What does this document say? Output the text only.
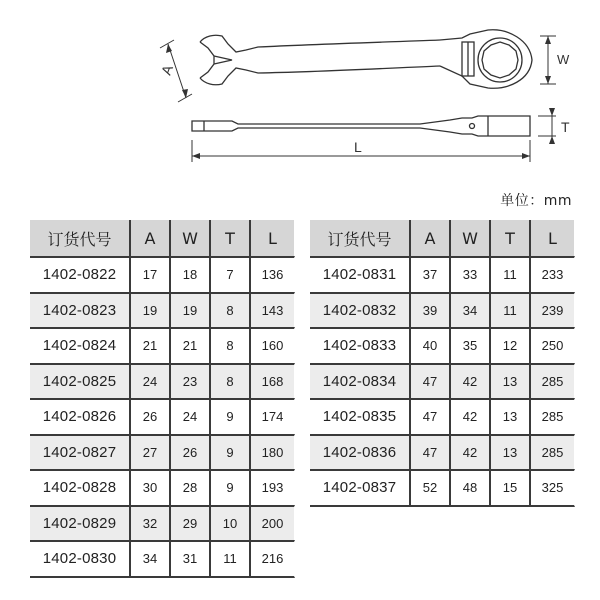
A
W
T
L
单位：mm
订货代号	A	W	T	L
1402-0822	17	18	7	136
1402-0823	19	19	8	143
1402-0824	21	21	8	160
1402-0825	24	23	8	168
1402-0826	26	24	9	174
1402-0827	27	26	9	180
1402-0828	30	28	9	193
1402-0829	32	29	10	200
1402-0830	34	31	11	216
订货代号	A	W	T	L
1402-0831	37	33	11	233
1402-0832	39	34	11	239
1402-0833	40	35	12	250
1402-0834	47	42	13	285
1402-0835	47	42	13	285
1402-0836	47	42	13	285
1402-0837	52	48	15	325
